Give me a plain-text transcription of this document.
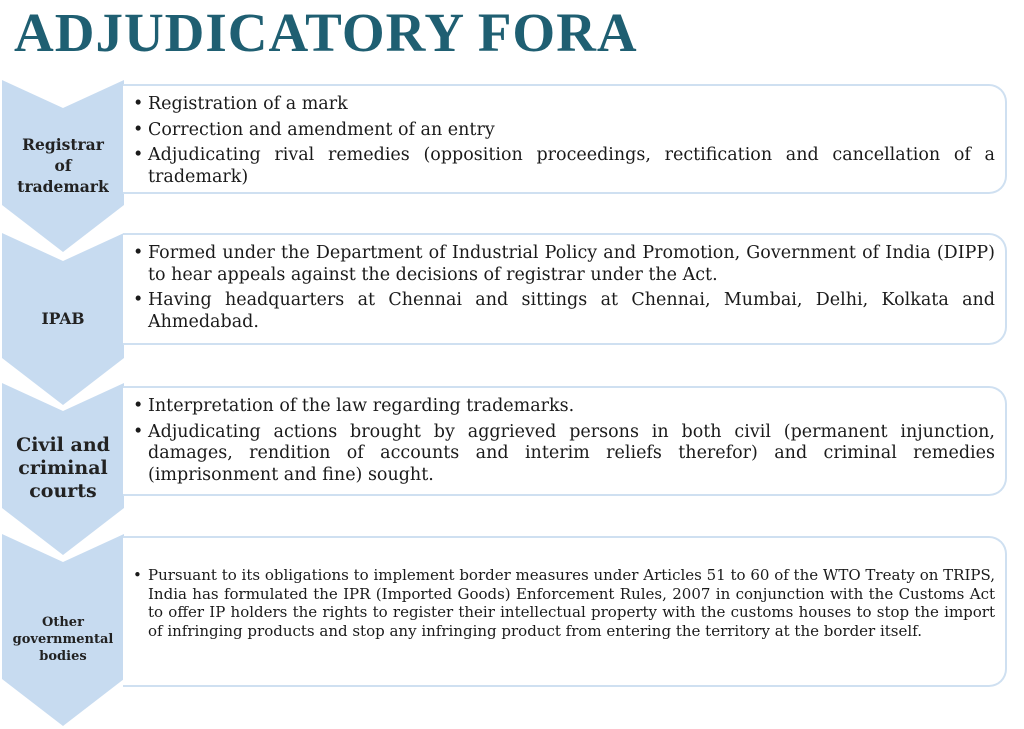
ADJUDICATORY FORA
Registrar
of
trademark
• Registration of a mark
• Correction and amendment of an entry
• Adjudicating rival remedies (opposition proceedings, rectification and cancellation of a trademark)
IPAB
• Formed under the Department of Industrial Policy and Promotion, Government of India (DIPP) to hear appeals against the decisions of registrar under the Act.
• Having headquarters at Chennai and sittings at Chennai, Mumbai, Delhi, Kolkata and Ahmedabad.
Civil and
criminal
courts
• Interpretation of the law regarding trademarks.
• Adjudicating actions brought by aggrieved persons in both civil (permanent injunction, damages, rendition of accounts and interim reliefs therefor) and criminal remedies (imprisonment and fine) sought.
Other
governmental
bodies
• Pursuant to its obligations to implement border measures under Articles 51 to 60 of the WTO Treaty on TRIPS, India has formulated the IPR (Imported Goods) Enforcement Rules, 2007 in conjunction with the Customs Act to offer IP holders the rights to register their intellectual property with the customs houses to stop the import of infringing products and stop any infringing product from entering the territory at the border itself.
